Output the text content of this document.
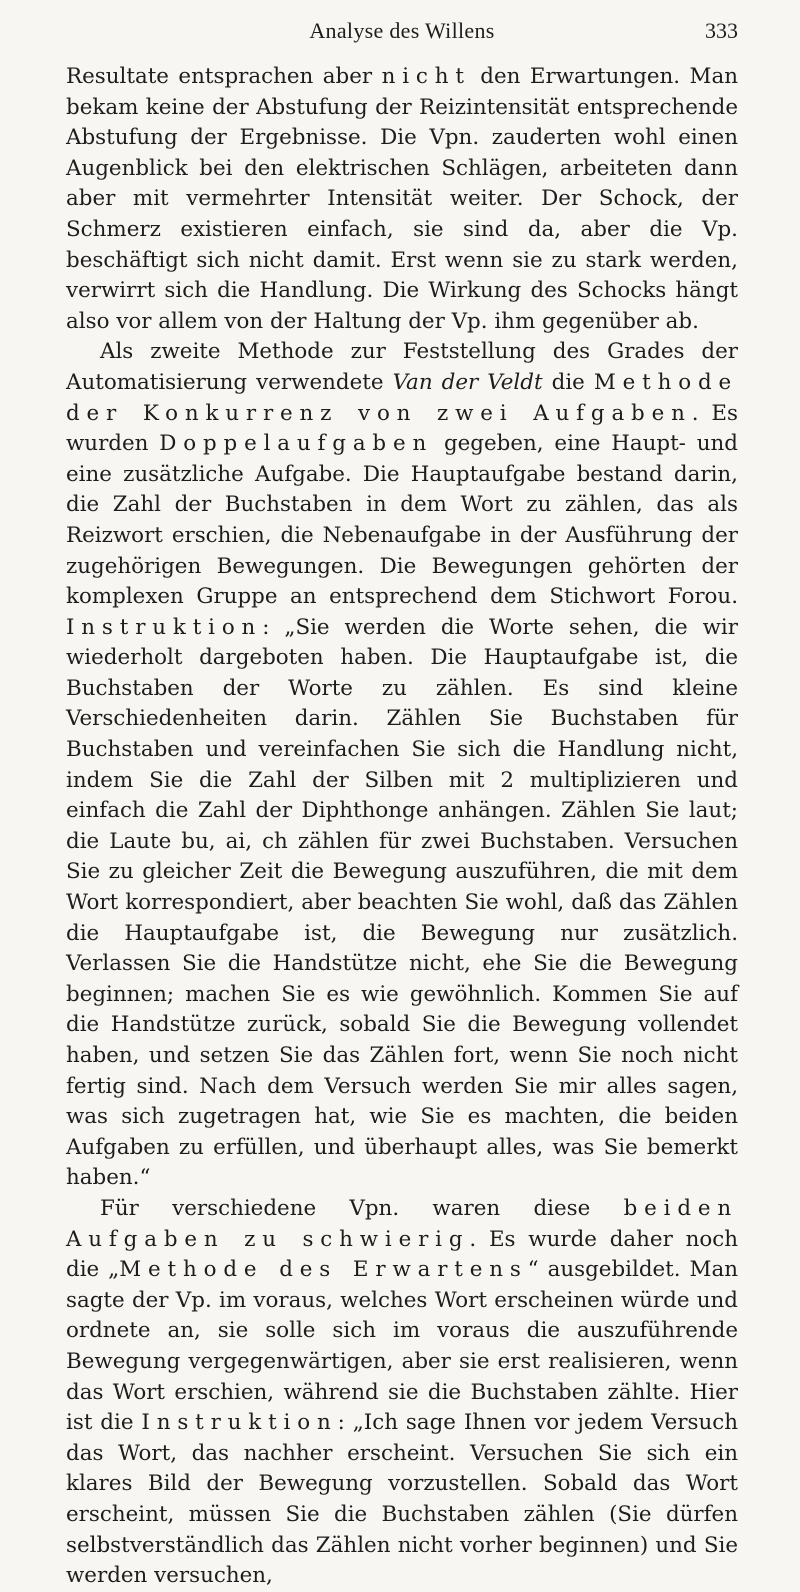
Analyse des Willens	333

Resultate entsprachen aber nicht den Erwartungen. Man bekam keine der Abstufung der Reizintensität entsprechende Abstufung der Ergebnisse. Die Vpn. zauderten wohl einen Augenblick bei den elektrischen Schlägen, arbeiteten dann aber mit vermehrter Intensität weiter. Der Schock, der Schmerz existieren einfach, sie sind da, aber die Vp. beschäftigt sich nicht damit. Erst wenn sie zu stark werden, verwirrt sich die Handlung. Die Wirkung des Schocks hängt also vor allem von der Haltung der Vp. ihm gegenüber ab.

Als zweite Methode zur Feststellung des Grades der Automatisierung verwendete Van der Veldt die Methode der Konkurrenz von zwei Aufgaben. Es wurden Doppelaufgaben gegeben, eine Haupt- und eine zusätzliche Aufgabe. Die Hauptaufgabe bestand darin, die Zahl der Buchstaben in dem Wort zu zählen, das als Reizwort erschien, die Nebenaufgabe in der Ausführung der zugehörigen Bewegungen. Die Bewegungen gehörten der komplexen Gruppe an entsprechend dem Stichwort Forou. Instruktion: „Sie werden die Worte sehen, die wir wiederholt dargeboten haben. Die Hauptaufgabe ist, die Buchstaben der Worte zu zählen. Es sind kleine Verschiedenheiten darin. Zählen Sie Buchstaben für Buchstaben und vereinfachen Sie sich die Handlung nicht, indem Sie die Zahl der Silben mit 2 multiplizieren und einfach die Zahl der Diphthonge anhängen. Zählen Sie laut; die Laute bu, ai, ch zählen für zwei Buchstaben. Versuchen Sie zu gleicher Zeit die Bewegung auszuführen, die mit dem Wort korrespondiert, aber beachten Sie wohl, daß das Zählen die Hauptaufgabe ist, die Bewegung nur zusätzlich. Verlassen Sie die Handstütze nicht, ehe Sie die Bewegung beginnen; machen Sie es wie gewöhnlich. Kommen Sie auf die Handstütze zurück, sobald Sie die Bewegung vollendet haben, und setzen Sie das Zählen fort, wenn Sie noch nicht fertig sind. Nach dem Versuch werden Sie mir alles sagen, was sich zugetragen hat, wie Sie es machten, die beiden Aufgaben zu erfüllen, und überhaupt alles, was Sie bemerkt haben.“

Für verschiedene Vpn. waren diese beiden Aufgaben zu schwierig. Es wurde daher noch die „Methode des Erwartens“ ausgebildet. Man sagte der Vp. im voraus, welches Wort erscheinen würde und ordnete an, sie solle sich im voraus die auszuführende Bewegung vergegenwärtigen, aber sie erst realisieren, wenn das Wort erschien, während sie die Buchstaben zählte. Hier ist die Instruktion: „Ich sage Ihnen vor jedem Versuch das Wort, das nachher erscheint. Versuchen Sie sich ein klares Bild der Bewegung vorzustellen. Sobald das Wort erscheint, müssen Sie die Buchstaben zählen (Sie dürfen selbstverständlich das Zählen nicht vorher beginnen) und Sie werden versuchen,
